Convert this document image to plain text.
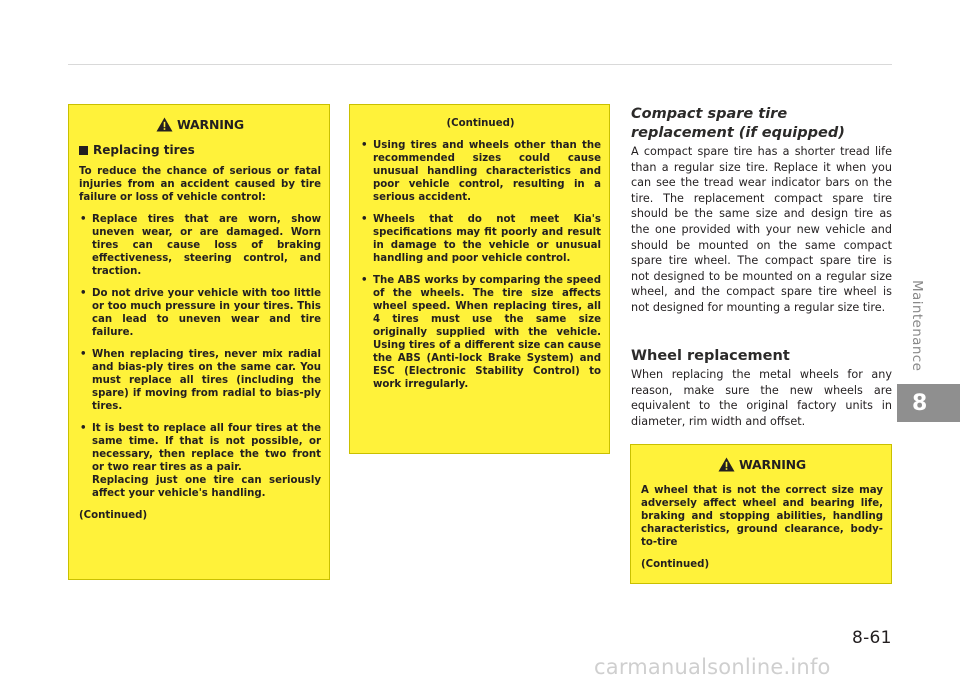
WARNING
Replacing tires
To reduce the chance of serious or fatal injuries from an accident caused by tire failure or loss of vehicle control:
• Replace tires that are worn, show uneven wear, or are damaged. Worn tires can cause loss of braking effectiveness, steering control, and traction.
• Do not drive your vehicle with too little or too much pressure in your tires. This can lead to uneven wear and tire failure.
• When replacing tires, never mix radial and bias-ply tires on the same car. You must replace all tires (including the spare) if moving from radial to bias-ply tires.
• It is best to replace all four tires at the same time. If that is not possible, or necessary, then replace the two front or two rear tires as a pair.
Replacing just one tire can seriously affect your vehicle's handling.
(Continued)
(Continued)
• Using tires and wheels other than the recommended sizes could cause unusual handling characteristics and poor vehicle control, resulting in a serious accident.
• Wheels that do not meet Kia's specifications may fit poorly and result in damage to the vehicle or unusual handling and poor vehicle control.
• The ABS works by comparing the speed of the wheels. The tire size affects wheel speed. When replacing tires, all 4 tires must use the same size originally supplied with the vehicle. Using tires of a different size can cause the ABS (Anti-lock Brake System) and ESC (Electronic Stability Control) to work irregularly.
Compact spare tire replacement (if equipped)
A compact spare tire has a shorter tread life than a regular size tire. Replace it when you can see the tread wear indicator bars on the tire. The replacement compact spare tire should be the same size and design tire as the one provided with your new vehicle and should be mounted on the same compact spare tire wheel. The compact spare tire is not designed to be mounted on a regular size wheel, and the compact spare tire wheel is not designed for mounting a regular size tire.
Wheel replacement
When replacing the metal wheels for any reason, make sure the new wheels are equivalent to the original factory units in diameter, rim width and offset.
WARNING
A wheel that is not the correct size may adversely affect wheel and bearing life, braking and stopping abilities, handling characteristics, ground clearance, body-to-tire
(Continued)
Maintenance
8
8-61
carmanualsonline.info
